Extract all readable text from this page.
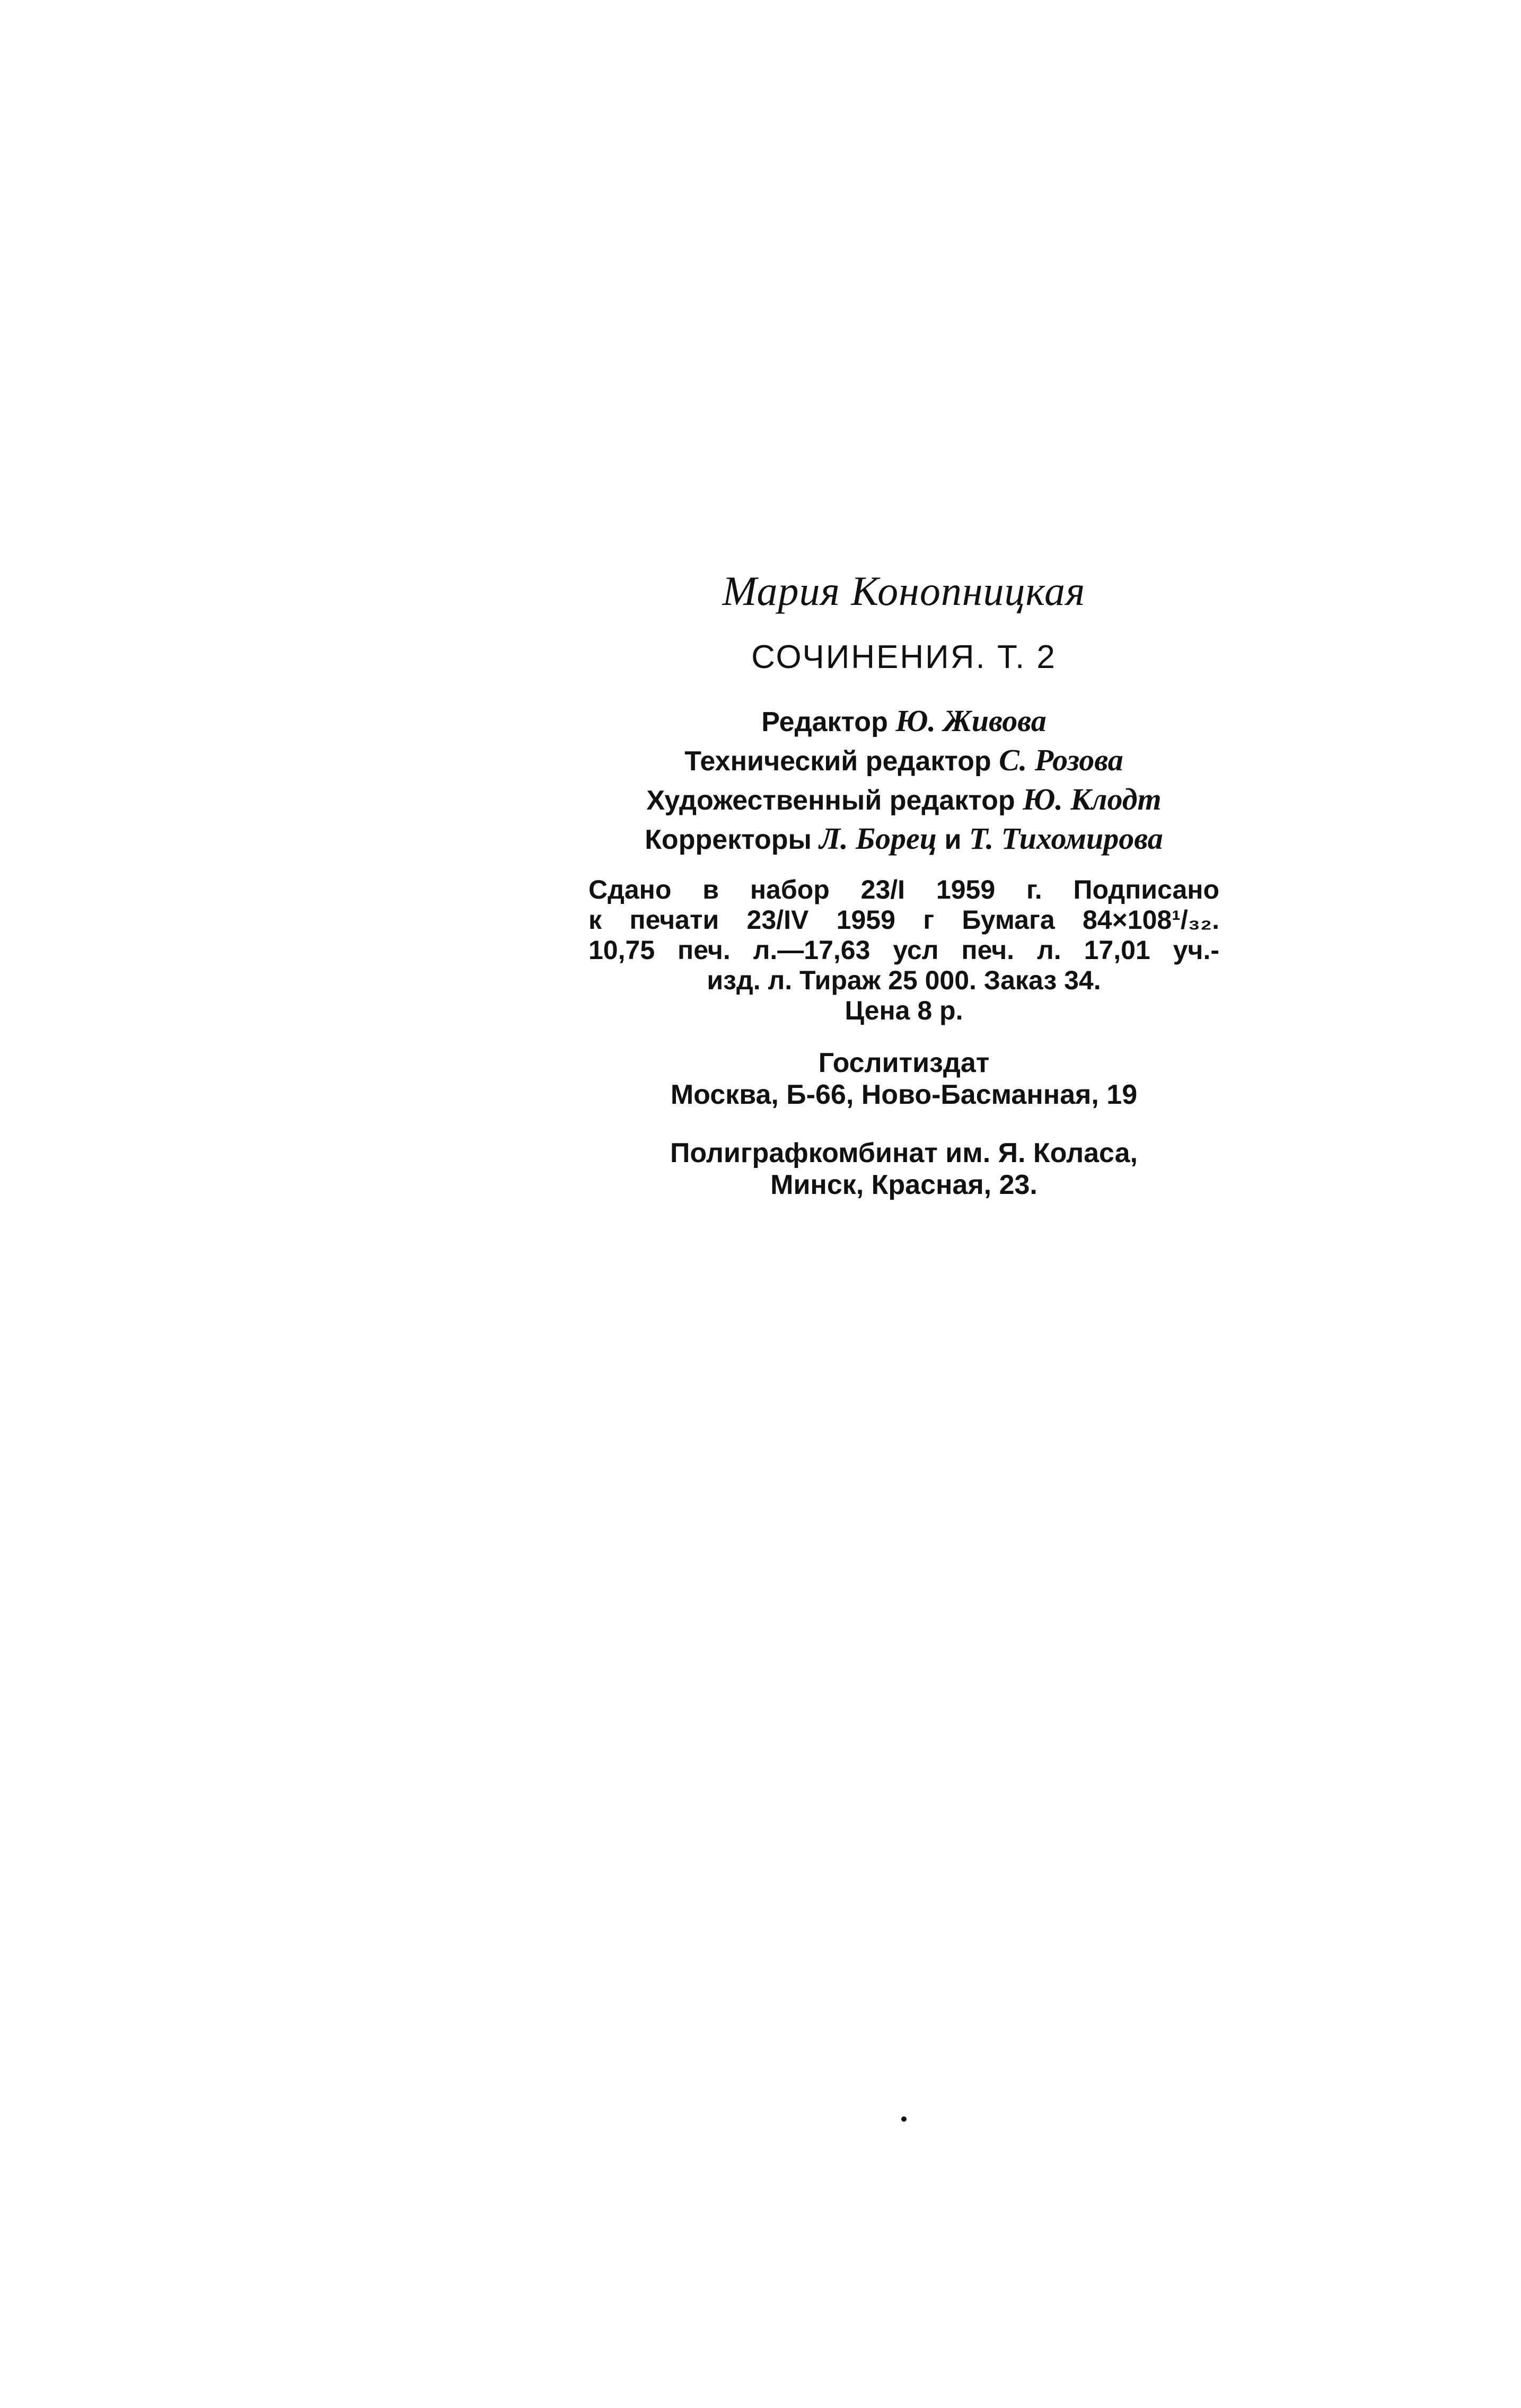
Мария Конопницкая

СОЧИНЕНИЯ. Т. 2

Редактор Ю. Живова
Технический редактор С. Розова
Художественный редактор Ю. Клодт
Корректоры Л. Борец и Т. Тихомирова
Сдано в набор 23/I 1959 г. Подписано
к печати 23/IV 1959 г Бумага 84×108¹/₃₂.
10,75 печ. л.—17,63 усл печ. л. 17,01 уч.-
изд. л. Тираж 25 000. Заказ 34.
Цена 8 р.
Гослитиздат
Москва, Б-66, Ново-Басманная, 19
Полиграфкомбинат им. Я. Коласа,
Минск, Красная, 23.
